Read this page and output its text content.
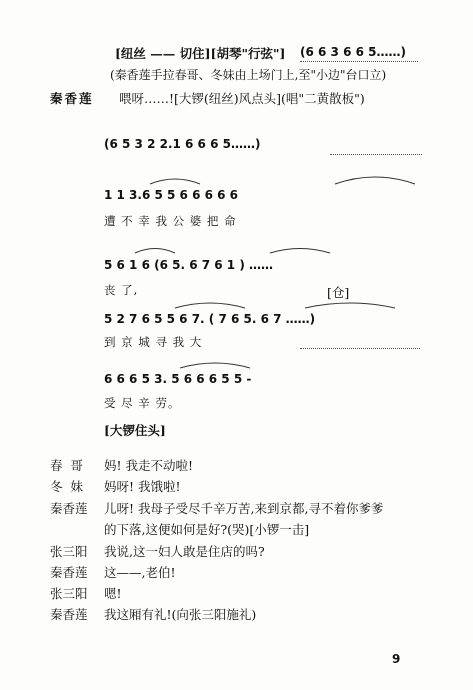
[纽丝 —— 切住][胡琴"行弦"] (6 6 3 6 6 5……)
(秦香莲手拉春哥、冬妹由上场门上,至"小边"台口立)
秦香莲 喂呀……![大锣(纽丝)风点头](唱"二黄散板")
(6 5 3 2 2.1 6 6 6 5……)
1 1 3.6 5 5 6 6 6 6 6
遭 不 幸 我 公 婆 把 命
5 6 1 6 (6 5. 6 7 6 1 ) ……
丧 了,	[仓]
5 2 7 6 5 5 6 7. ( 7 6 5. 6 7 ……)
到 京 城 寻 我 大
6 6 6 5 3. 5 6 6 6 5 5 -
受 尽 辛 劳。
[大锣住头]
春 哥 妈! 我走不动啦!
冬 妹 妈呀! 我饿啦!
秦香莲 儿呀! 我母子受尽千辛万苦,来到京都,寻不着你爹爹
的下落,这便如何是好?(哭)[小锣一击]
张三阳 我说,这一妇人敢是住店的吗?
秦香莲 这——,老伯!
张三阳 嗯!
秦香莲 我这厢有礼!(向张三阳施礼)
9
